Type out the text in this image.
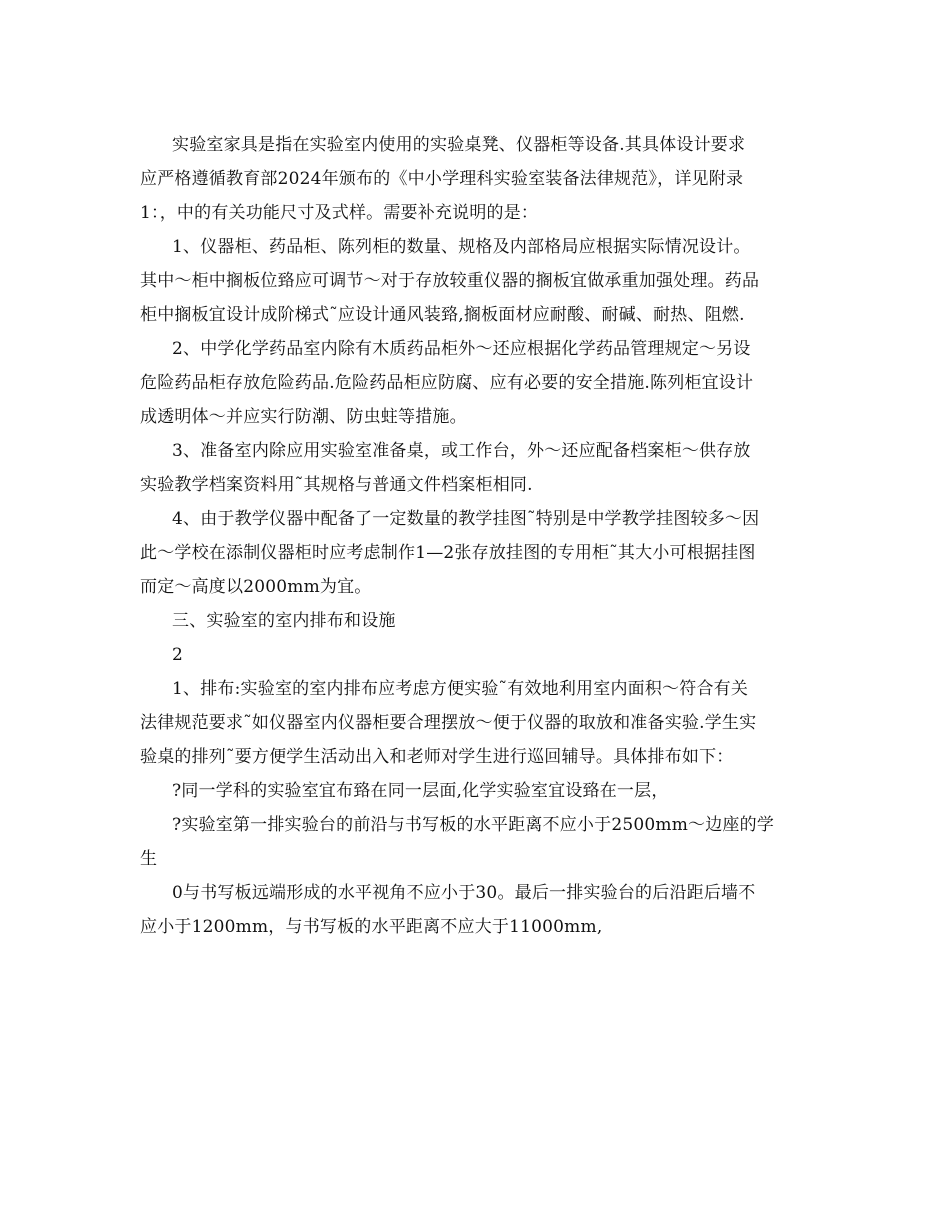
实验室家具是指在实验室内使用的实验桌凳、仪器柜等设备.其具体设计要求
应严格遵循教育部2024年颁布的《中小学理科实验室装备法律规范》，详见附录
1：，中的有关功能尺寸及式样。需要补充说明的是：
1、仪器柜、药品柜、陈列柜的数量、规格及内部格局应根据实际情况设计。
其中～柜中搁板位臵应可调节～对于存放较重仪器的搁板宜做承重加强处理。药品
柜中搁板宜设计成阶梯式˜应设计通风装臵,搁板面材应耐酸、耐碱、耐热、阻燃.
2、中学化学药品室内除有木质药品柜外～还应根据化学药品管理规定～另设
危险药品柜存放危险药品.危险药品柜应防腐、应有必要的安全措施.陈列柜宜设计
成透明体～并应实行防潮、防虫蛀等措施。
3、准备室内除应用实验室准备桌，或工作台，外～还应配备档案柜～供存放
实验教学档案资料用˜其规格与普通文件档案柜相同.
4、由于教学仪器中配备了一定数量的教学挂图˜特别是中学教学挂图较多～因
此～学校在添制仪器柜时应考虑制作1—2张存放挂图的专用柜˜其大小可根据挂图
而定～高度以2000mm为宜。
三、实验室的室内排布和设施
2
1、排布:实验室的室内排布应考虑方便实验˜有效地利用室内面积～符合有关
法律规范要求˜如仪器室内仪器柜要合理摆放～便于仪器的取放和准备实验.学生实
验桌的排列˜要方便学生活动出入和老师对学生进行巡回辅导。具体排布如下：
?同一学科的实验室宜布臵在同一层面,化学实验室宜设臵在一层，
?实验室第一排实验台的前沿与书写板的水平距离不应小于2500mm～边座的学
生
0与书写板远端形成的水平视角不应小于30。最后一排实验台的后沿距后墙不
应小于1200mm，与书写板的水平距离不应大于11000mm,
